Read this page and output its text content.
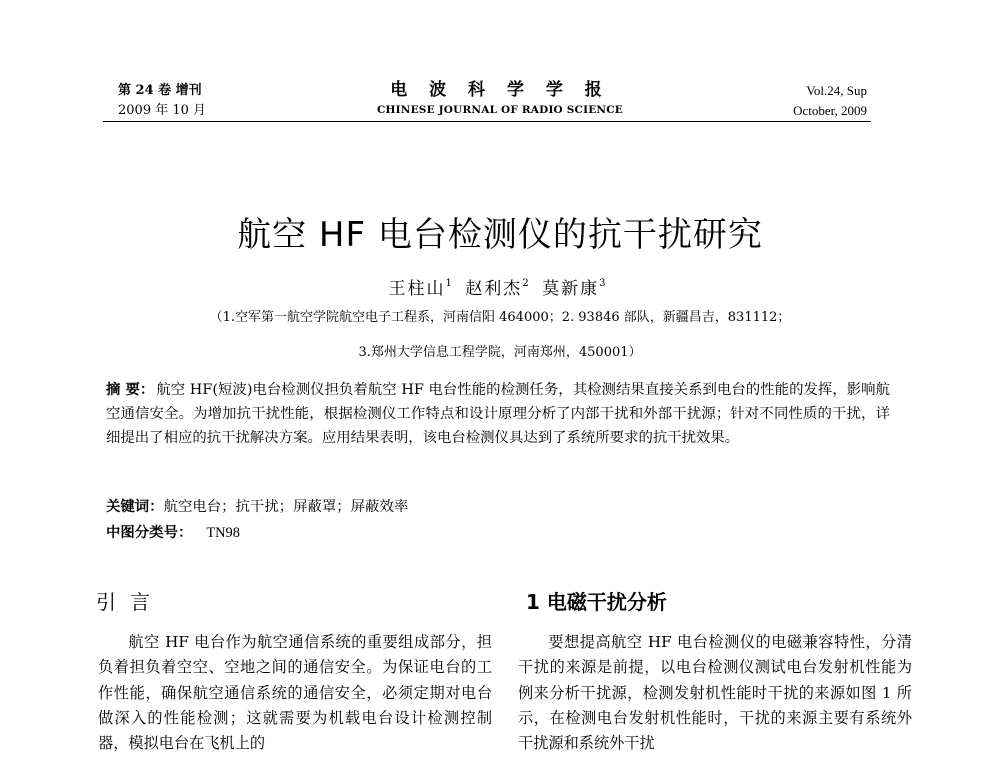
第 24 卷 增刊
2009 年 10 月
电 波 科 学 学 报
CHINESE JOURNAL OF RADIO SCIENCE
Vol.24, Sup
October, 2009
航空 HF 电台检测仪的抗干扰研究
王柱山$^1$ 赵利杰$^2$ 莫新康$^3$
（1.空军第一航空学院航空电子工程系，河南信阳 464000；2. 93846 部队，新疆昌吉，831112；
3.郑州大学信息工程学院，河南郑州，450001）
摘 要： 航空 HF(短波)电台检测仪担负着航空 HF 电台性能的检测任务，其检测结果直接关系到电台的性能的发挥，影响航空通信安全。为增加抗干扰性能，根据检测仪工作特点和设计原理分析了内部干扰和外部干扰源；针对不同性质的干扰，详细提出了相应的抗干扰解决方案。应用结果表明，该电台检测仪具达到了系统所要求的抗干扰效果。
关键词：航空电台；抗干扰；屏蔽罩；屏蔽效率
中图分类号： TN98
引言	1 电磁干扰分析
航空 HF 电台作为航空通信系统的重要组成部分，担负着担负着空空、空地之间的通信安全。为保证电台的工作性能，确保航空通信系统的通信安全，必须定期对电台做深入的性能检测；这就需要为机载电台设计检测控制器，模拟电台在飞机上的
要想提高航空 HF 电台检测仪的电磁兼容特性，分清干扰的来源是前提，以电台检测仪测试电台发射机性能为例来分析干扰源，检测发射机性能时干扰的来源如图 1 所示，在检测电台发射机性能时，干扰的来源主要有系统外干扰源和系统外干扰
